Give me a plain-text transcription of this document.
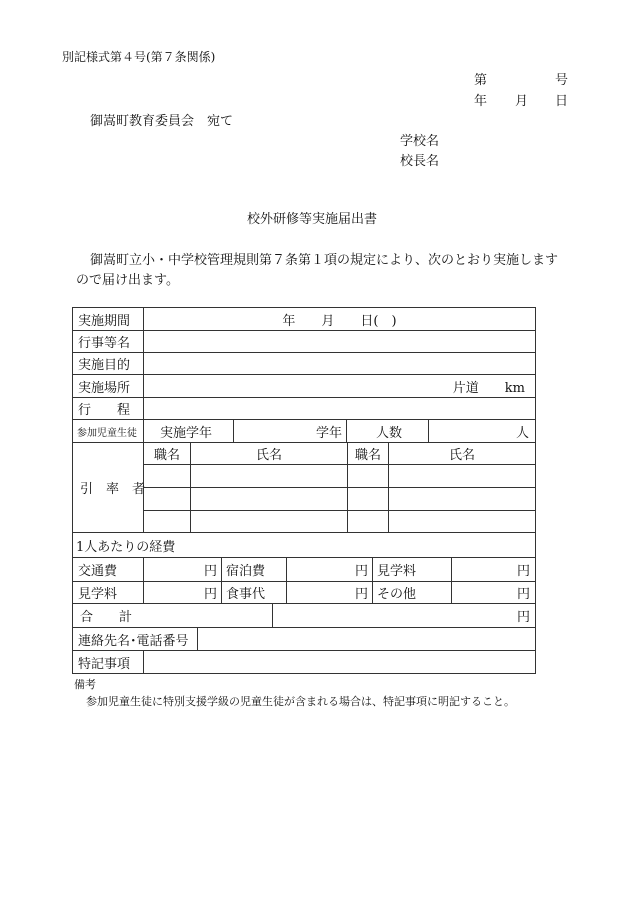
別記様式第４号(第７条関係)
第	号
年 月 日
御嵩町教育委員会　宛て
学校名
校長名
校外研修等実施届出書
御嵩町立小・中学校管理規則第７条第１項の規定により、次のとおり実施します
ので届け出ます。
実施期間	年　　月　　日(　)
行事等名
実施目的
実施場所	片道　　km
行　　程
参加児童生徒 実施学年	学年	人数	人
引　率　者
職名	氏名	職名	氏名
1人あたりの経費
交通費	円 宿泊費	円 見学料	円
見学料	円 食事代	円 その他	円
合　　計	円
連絡先名･電話番号
特記事項
備考
参加児童生徒に特別支援学級の児童生徒が含まれる場合は、特記事項に明記すること。
